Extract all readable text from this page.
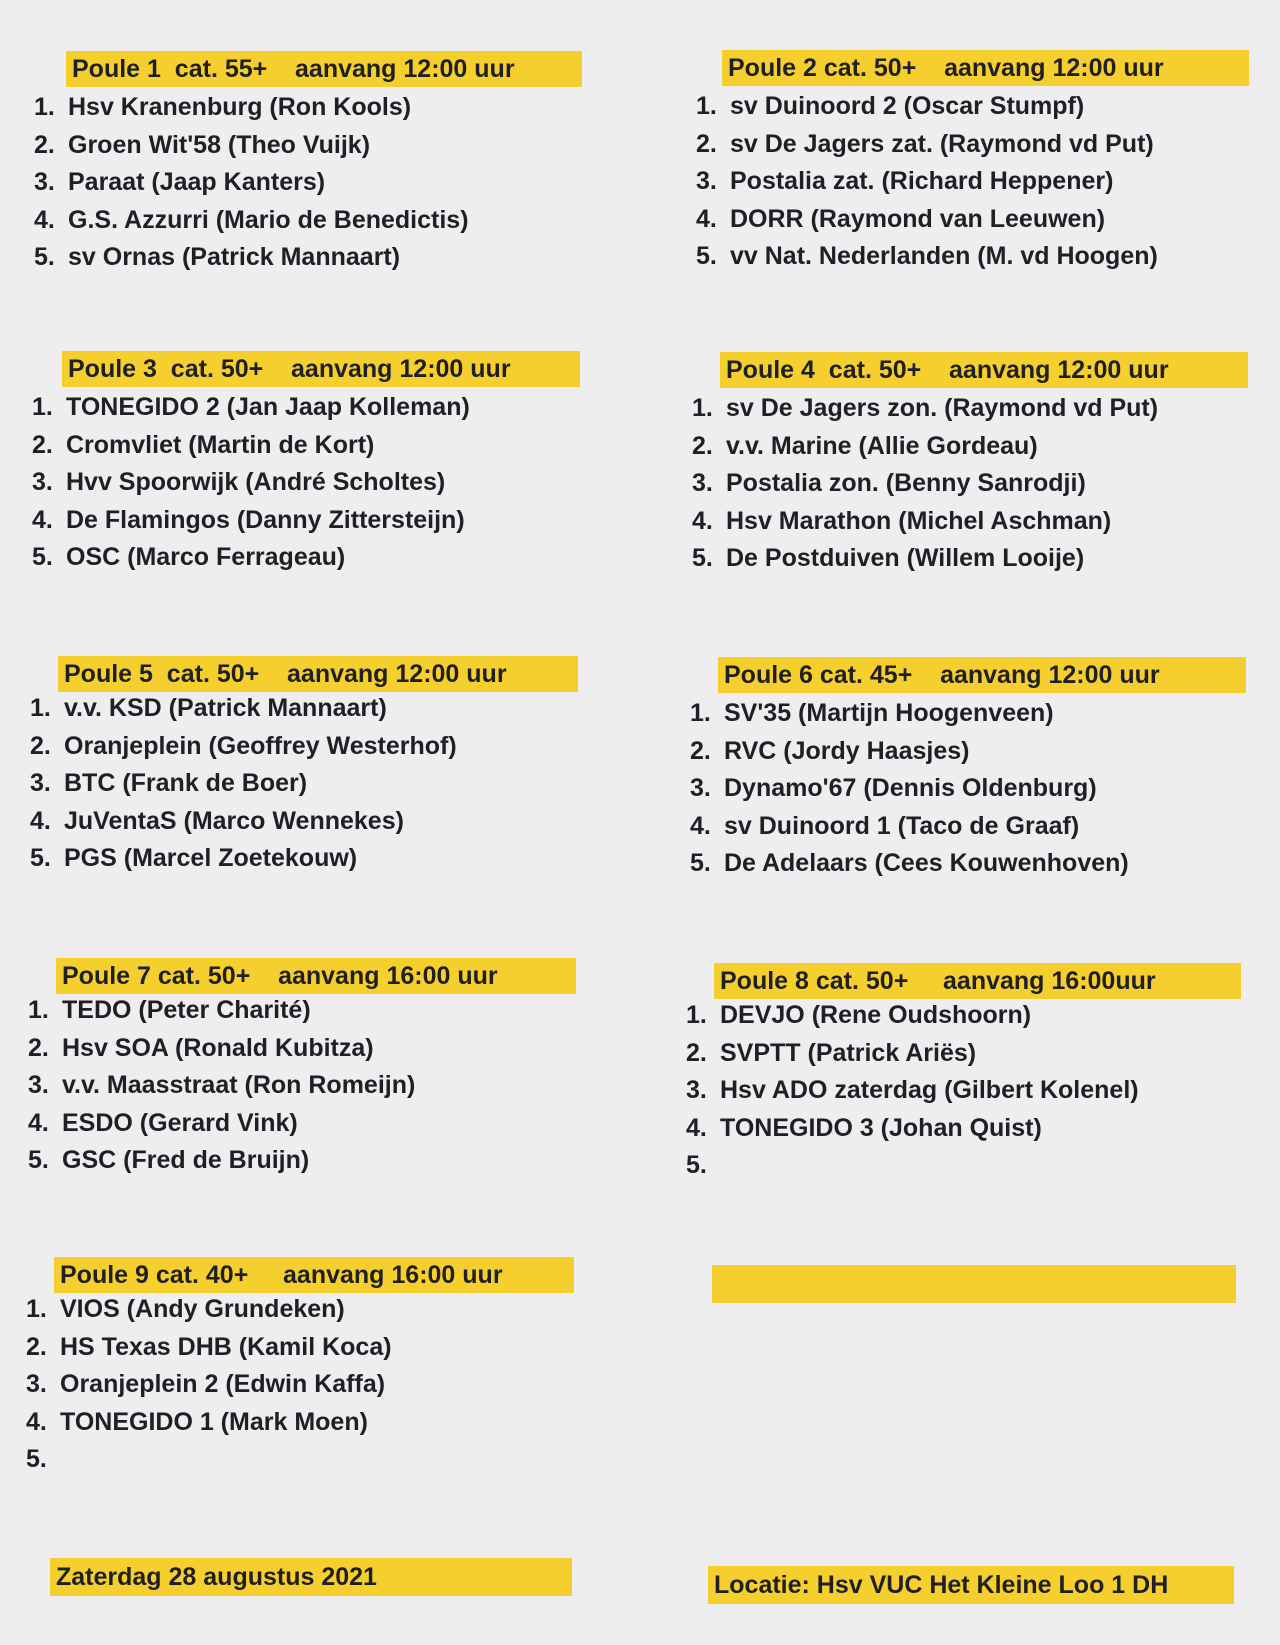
Poule 1  cat. 55+    aanvang 12:00 uur
1. Hsv Kranenburg (Ron Kools)
2. Groen Wit'58 (Theo Vuijk)
3. Paraat (Jaap Kanters)
4. G.S. Azzurri (Mario de Benedictis)
5. sv Ornas (Patrick Mannaart)
Poule 2 cat. 50+    aanvang 12:00 uur
1. sv Duinoord 2 (Oscar Stumpf)
2. sv De Jagers zat. (Raymond vd Put)
3. Postalia zat. (Richard Heppener)
4. DORR (Raymond van Leeuwen)
5. vv Nat. Nederlanden (M. vd Hoogen)
Poule 3  cat. 50+    aanvang 12:00 uur
1. TONEGIDO 2 (Jan Jaap Kolleman)
2. Cromvliet (Martin de Kort)
3. Hvv Spoorwijk (André Scholtes)
4. De Flamingos (Danny Zittersteijn)
5. OSC (Marco Ferrageau)
Poule 4  cat. 50+    aanvang 12:00 uur
1. sv De Jagers zon. (Raymond vd Put)
2. v.v. Marine (Allie Gordeau)
3. Postalia zon. (Benny Sanrodji)
4. Hsv Marathon (Michel Aschman)
5. De Postduiven (Willem Looije)
Poule 5  cat. 50+    aanvang 12:00 uur
1. v.v. KSD (Patrick Mannaart)
2. Oranjeplein (Geoffrey Westerhof)
3. BTC (Frank de Boer)
4. JuVentaS (Marco Wennekes)
5. PGS (Marcel Zoetekouw)
Poule 6 cat. 45+    aanvang 12:00 uur
1. SV'35 (Martijn Hoogenveen)
2. RVC (Jordy Haasjes)
3. Dynamo'67 (Dennis Oldenburg)
4. sv Duinoord 1 (Taco de Graaf)
5. De Adelaars (Cees Kouwenhoven)
Poule 7 cat. 50+    aanvang 16:00 uur
1. TEDO (Peter Charité)
2. Hsv SOA (Ronald Kubitza)
3. v.v. Maasstraat (Ron Romeijn)
4. ESDO (Gerard Vink)
5. GSC (Fred de Bruijn)
Poule 8 cat. 50+     aanvang 16:00uur
1. DEVJO (Rene Oudshoorn)
2. SVPTT (Patrick Ariës)
3. Hsv ADO zaterdag (Gilbert Kolenel)
4. TONEGIDO 3 (Johan Quist)
5.
Poule 9 cat. 40+     aanvang 16:00 uur
1. VIOS (Andy Grundeken)
2. HS Texas DHB (Kamil Koca)
3. Oranjeplein 2 (Edwin Kaffa)
4. TONEGIDO 1 (Mark Moen)
5.
Zaterdag 28 augustus 2021	Locatie: Hsv VUC Het Kleine Loo 1 DH
